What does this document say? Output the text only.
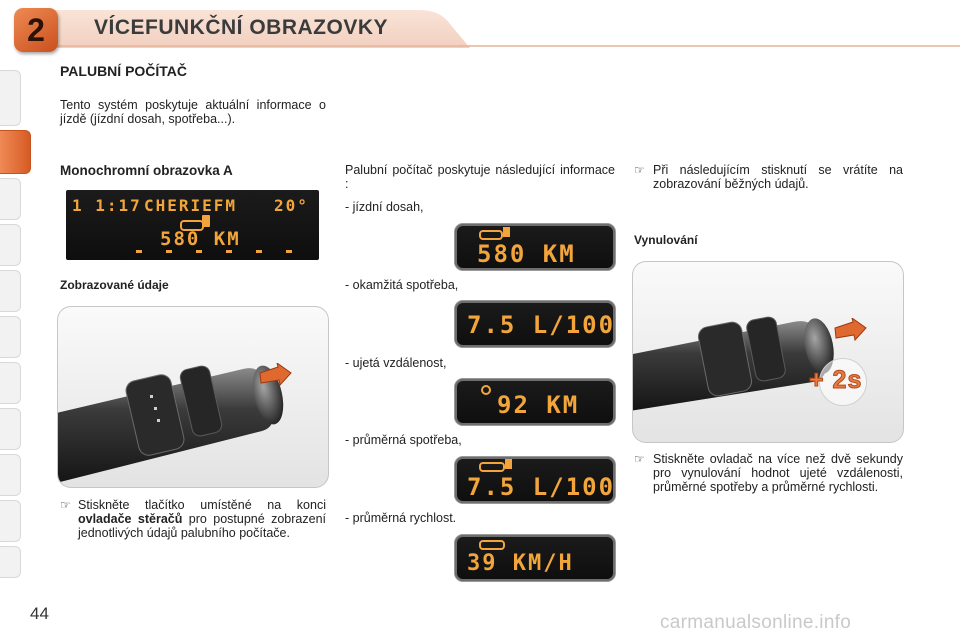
2	VÍCEFUNKČNÍ OBRAZOVKY
PALUBNÍ POČÍTAČ
Tento systém poskytuje aktuální informace o jízdě (jízdní dosah, spotřeba...).
Monochromní obrazovka A
1 1:17 CHERIEFM 20°
580 KM
Zobrazované údaje
☞ Stiskněte tlačítko umístěné na konci ovladače stěračů pro postupné zobrazení jednotlivých údajů palubního počítače.
Palubní počítač poskytuje následující informace :
- jízdní dosah,
580 KM
- okamžitá spotřeba,
7.5 L/100
- ujetá vzdálenost,
92 KM
- průměrná spotřeba,
7.5 L/100
- průměrná rychlost.
39 KM/H
☞ Při následujícím stisknutí se vrátíte na zobrazování běžných údajů.
Vynulování
+ 2s
☞ Stiskněte ovladač na více než dvě sekundy pro vynulování hodnot ujeté vzdálenosti, průměrné spotřeby a průměrné rychlosti.
44	carmanualsonline.info
